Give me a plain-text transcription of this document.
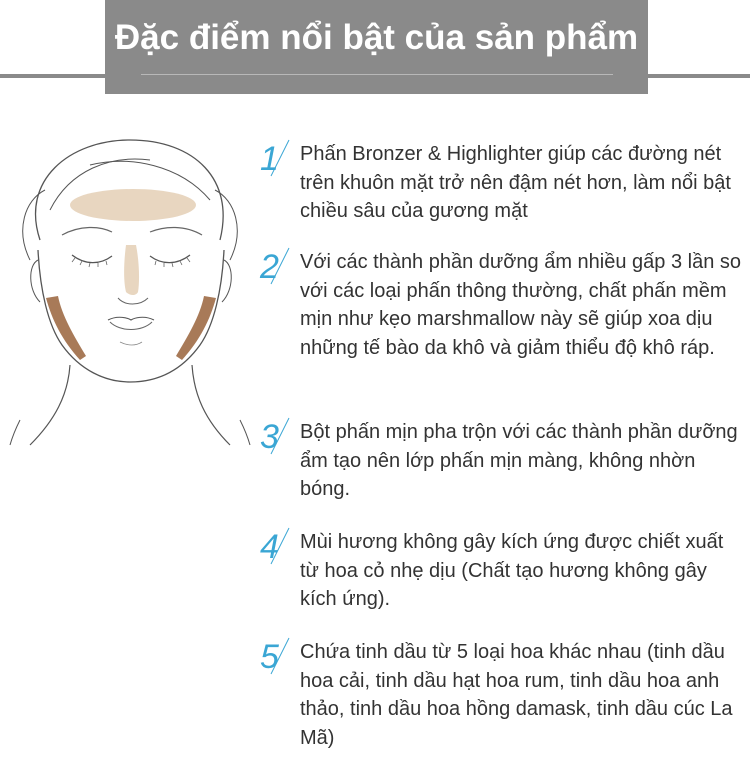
Đặc điểm nổi bật của sản phẩm
1 Phấn Bronzer & Highlighter giúp các đường nét trên khuôn mặt trở nên đậm nét hơn, làm nổi bật chiều sâu của gương mặt

2 Với các thành phần dưỡng ẩm nhiều gấp 3 lần so với các loại phấn thông thường, chất phấn mềm mịn như kẹo marshmallow này sẽ giúp xoa dịu những tế bào da khô và giảm thiểu độ khô ráp.

3 Bột phấn mịn pha trộn với các thành phần dưỡng ẩm tạo nên lớp phấn mịn màng, không nhờn bóng.

4 Mùi hương không gây kích ứng được chiết xuất từ hoa cỏ nhẹ dịu (Chất tạo hương không gây kích ứng).

5 Chứa tinh dầu từ 5 loại hoa khác nhau (tinh dầu hoa cải, tinh dầu hạt hoa rum, tinh dầu hoa anh thảo, tinh dầu hoa hồng damask, tinh dầu cúc La Mã)
